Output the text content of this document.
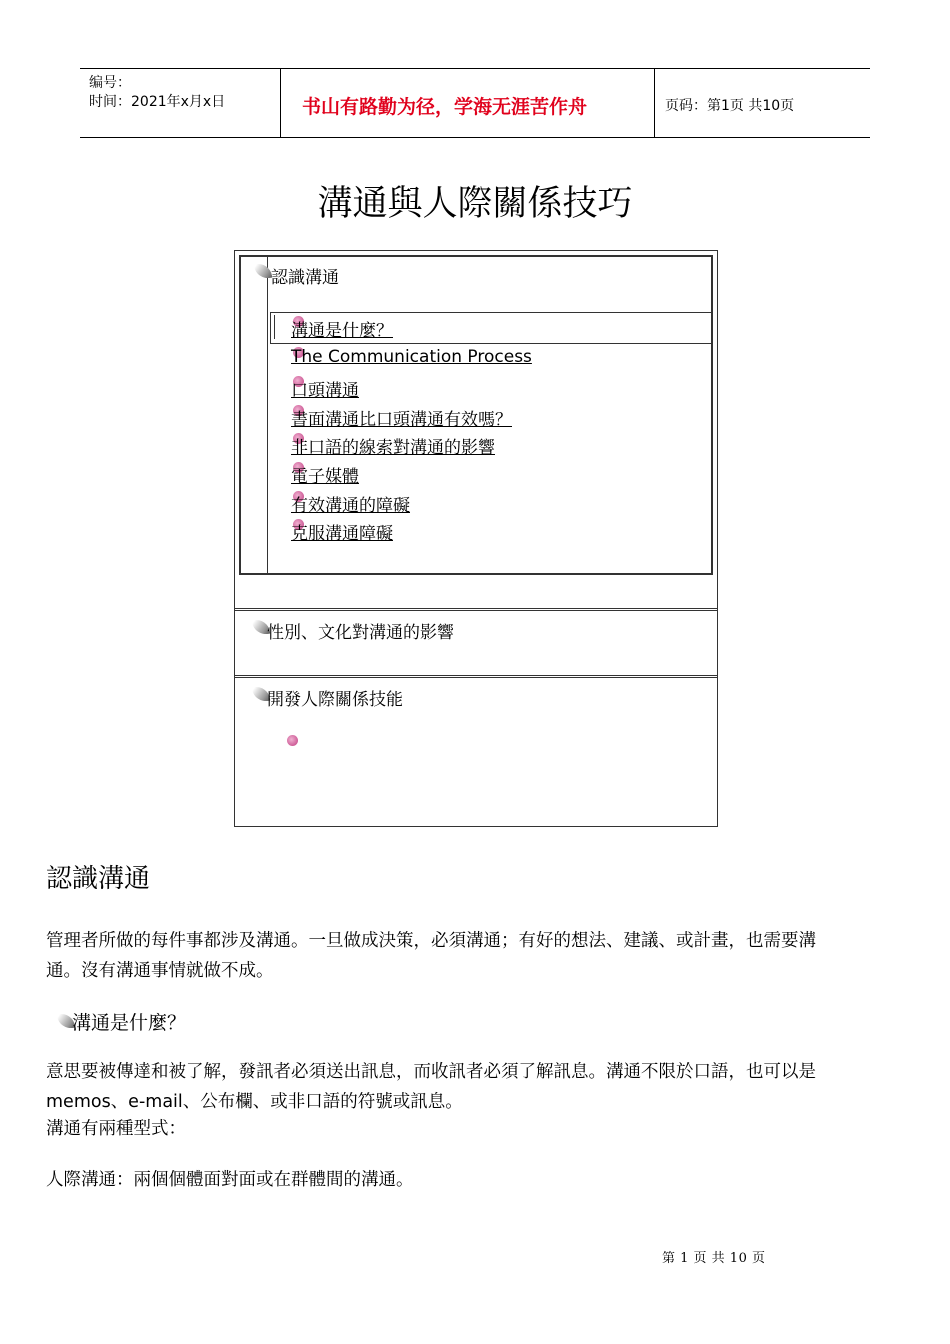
编号：
时间：2021年x月x日	书山有路勤为径，学海无涯苦作舟	页码：第1页 共10页
溝通與人際關係技巧
認識溝通
溝通是什麼？
The Communication Process
口頭溝通
書面溝通比口頭溝通有效嗎？
非口語的線索對溝通的影響
電子媒體
有效溝通的障礙
克服溝通障礙
性別、文化對溝通的影響
開發人際關係技能
認識溝通
管理者所做的每件事都涉及溝通。一旦做成決策，必須溝通；有好的想法、建議、或計畫，也需要溝
通。沒有溝通事情就做不成。
溝通是什麼？
意思要被傳達和被了解，發訊者必須送出訊息，而收訊者必須了解訊息。溝通不限於口語，也可以是
memos、e-mail、公布欄、或非口語的符號或訊息。
溝通有兩種型式：
人際溝通：兩個個體面對面或在群體間的溝通。
第 1 页 共 10 页
